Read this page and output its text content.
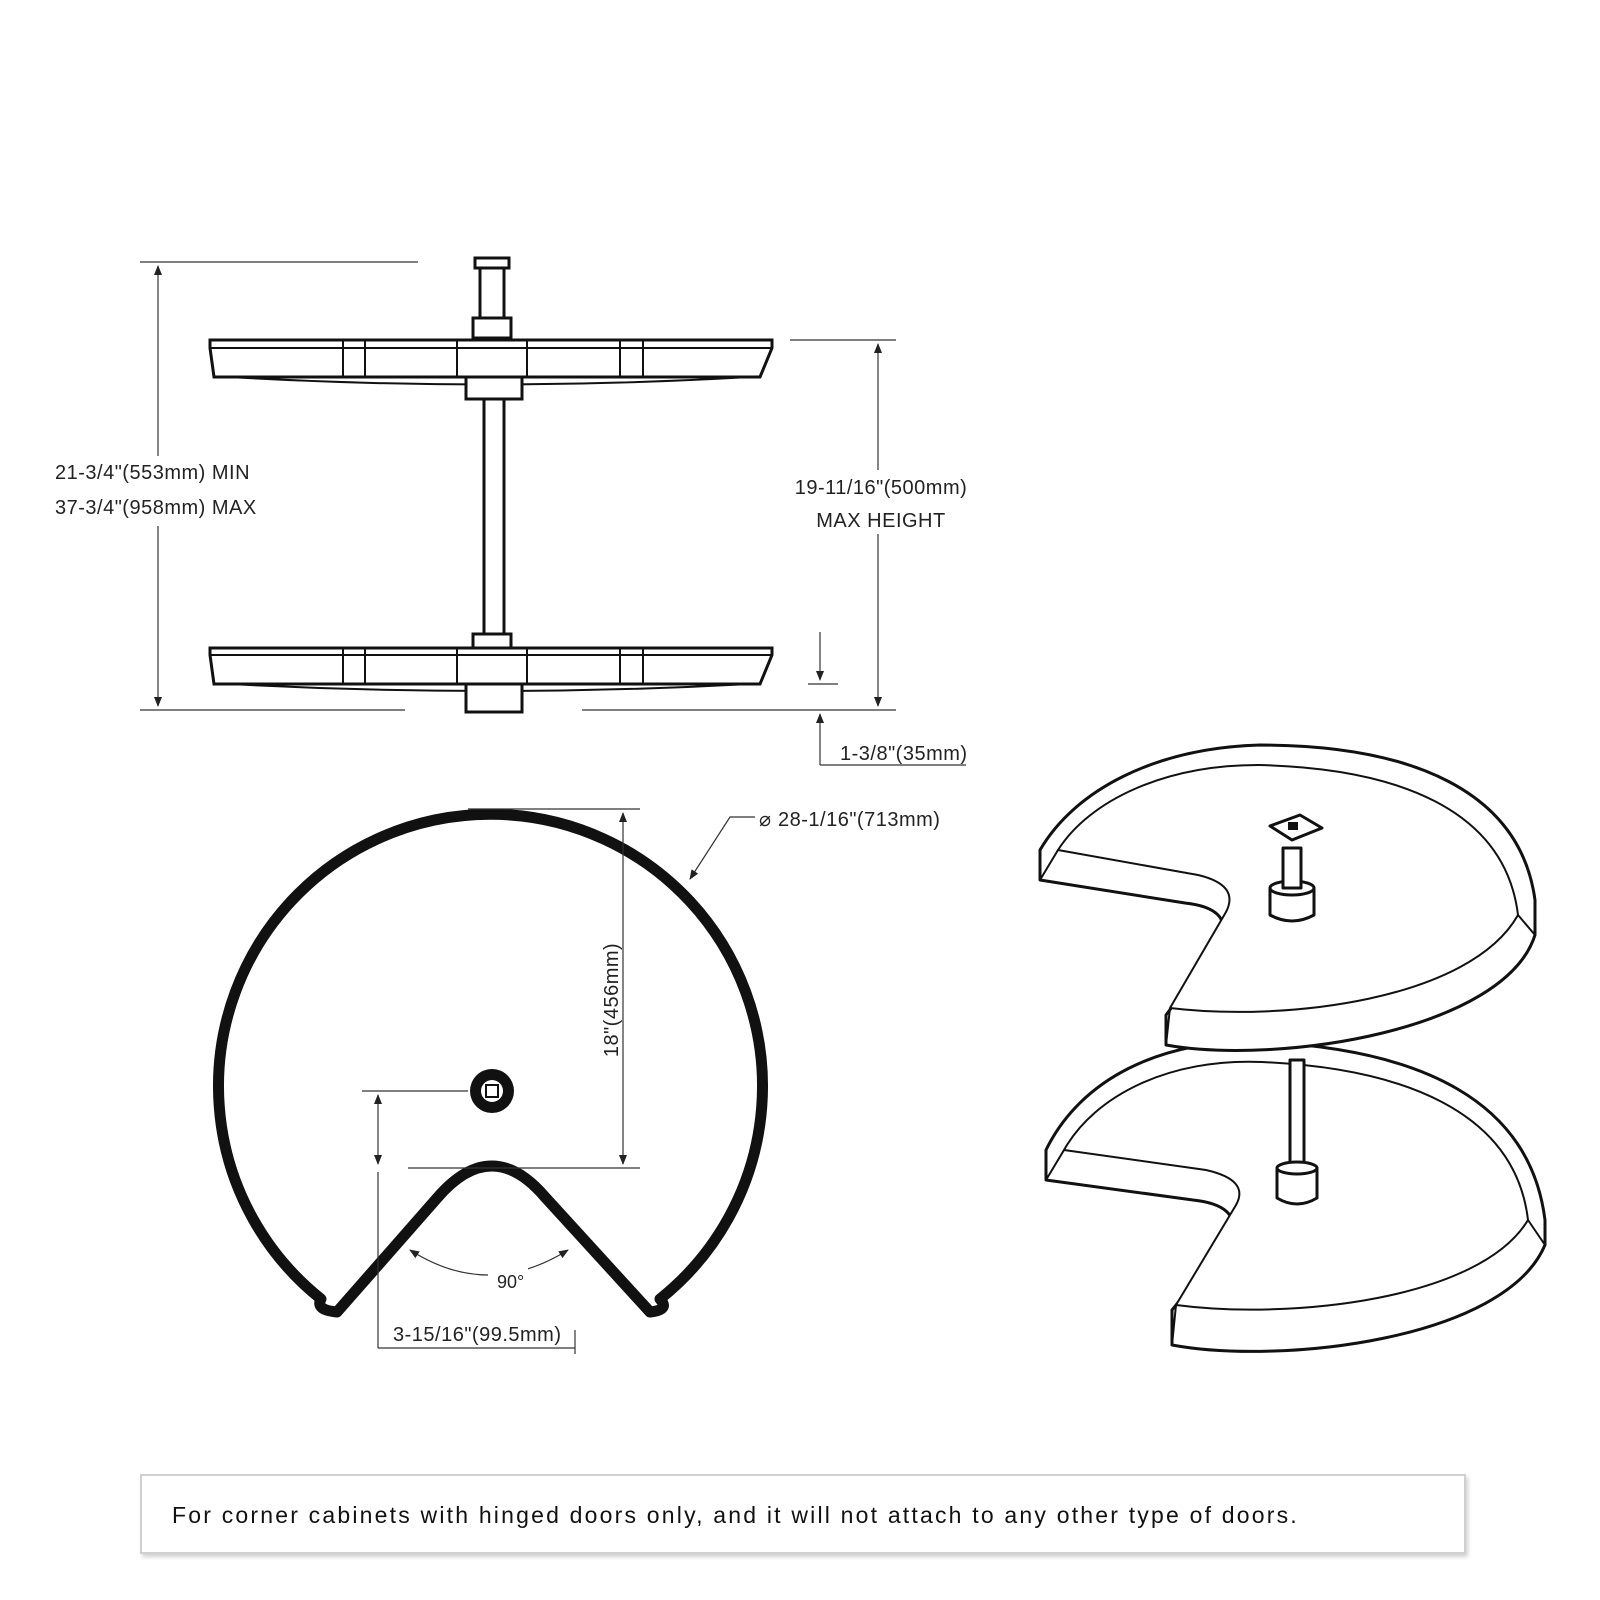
21-3/4"(553mm) MIN
37-3/4"(958mm) MAX
19-11/16"(500mm)
MAX HEIGHT
1-3/8"(35mm)
90°
⌀ 28-1/16"(713mm)
18"(456mm)
3-15/16"(99.5mm)
For corner cabinets with hinged doors only, and it will not attach to any other type of doors.
